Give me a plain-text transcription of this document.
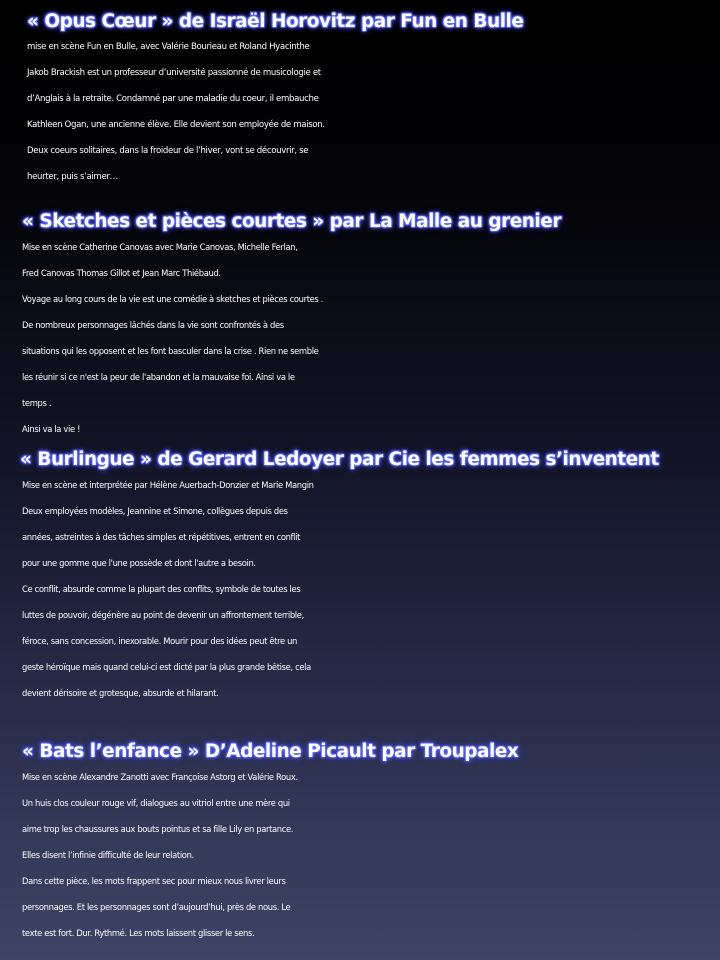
« Opus Cœur » de Israël Horovitz par Fun en Bulle
mise en scène Fun en Bulle, avec Valérie Bourieau et Roland Hyacinthe
Jakob Brackish est un professeur d’université passionné de musicologie et
d’Anglais à la retraite. Condamné par une maladie du coeur, il embauche
Kathleen Ogan, une ancienne élève. Elle devient son employée de maison.
Deux coeurs solitaires, dans la froideur de l’hiver, vont se découvrir, se
heurter, puis s’aimer…
« Sketches et pièces courtes » par La Malle au grenier
Mise en scène Catherine Canovas avec Marie Canovas, Michelle Ferlan,
Fred Canovas Thomas Gillot et Jean Marc Thiébaud.
Voyage au long cours de la vie est une comédie à sketches et pièces courtes .
De nombreux personnages lâchés dans la vie sont confrontés à des
situations qui les opposent et les font basculer dans la crise . Rien ne semble
les réunir si ce n'est la peur de l'abandon et la mauvaise foi. Ainsi va le
temps .
Ainsi va la vie !
« Burlingue » de Gerard Ledoyer par Cie les femmes s’inventent
Mise en scène et interprétée par Hélène Auerbach-Donzier et Marie Mangin
Deux employées modèles, Jeannine et Simone, collègues depuis des
années, astreintes à des tâches simples et répétitives, entrent en conflit
pour une gomme que l'une possède et dont l'autre a besoin.
Ce conflit, absurde comme la plupart des conflits, symbole de toutes les
luttes de pouvoir, dégénère au point de devenir un affrontement terrible,
féroce, sans concession, inexorable. Mourir pour des idées peut être un
geste héroïque mais quand celui-ci est dicté par la plus grande bêtise, cela
devient dérisoire et grotesque, absurde et hilarant.
« Bats l’enfance » D’Adeline Picault par Troupalex
Mise en scène Alexandre Zanotti avec Françoise Astorg et Valérie Roux.
Un huis clos couleur rouge vif, dialogues au vitriol entre une mère qui
aime trop les chaussures aux bouts pointus et sa fille Lily en partance.
Elles disent l’infinie difficulté de leur relation.
Dans cette pièce, les mots frappent sec pour mieux nous livrer leurs
personnages. Et les personnages sont d’aujourd’hui, près de nous. Le
texte est fort. Dur. Rythmé. Les mots laissent glisser le sens.
